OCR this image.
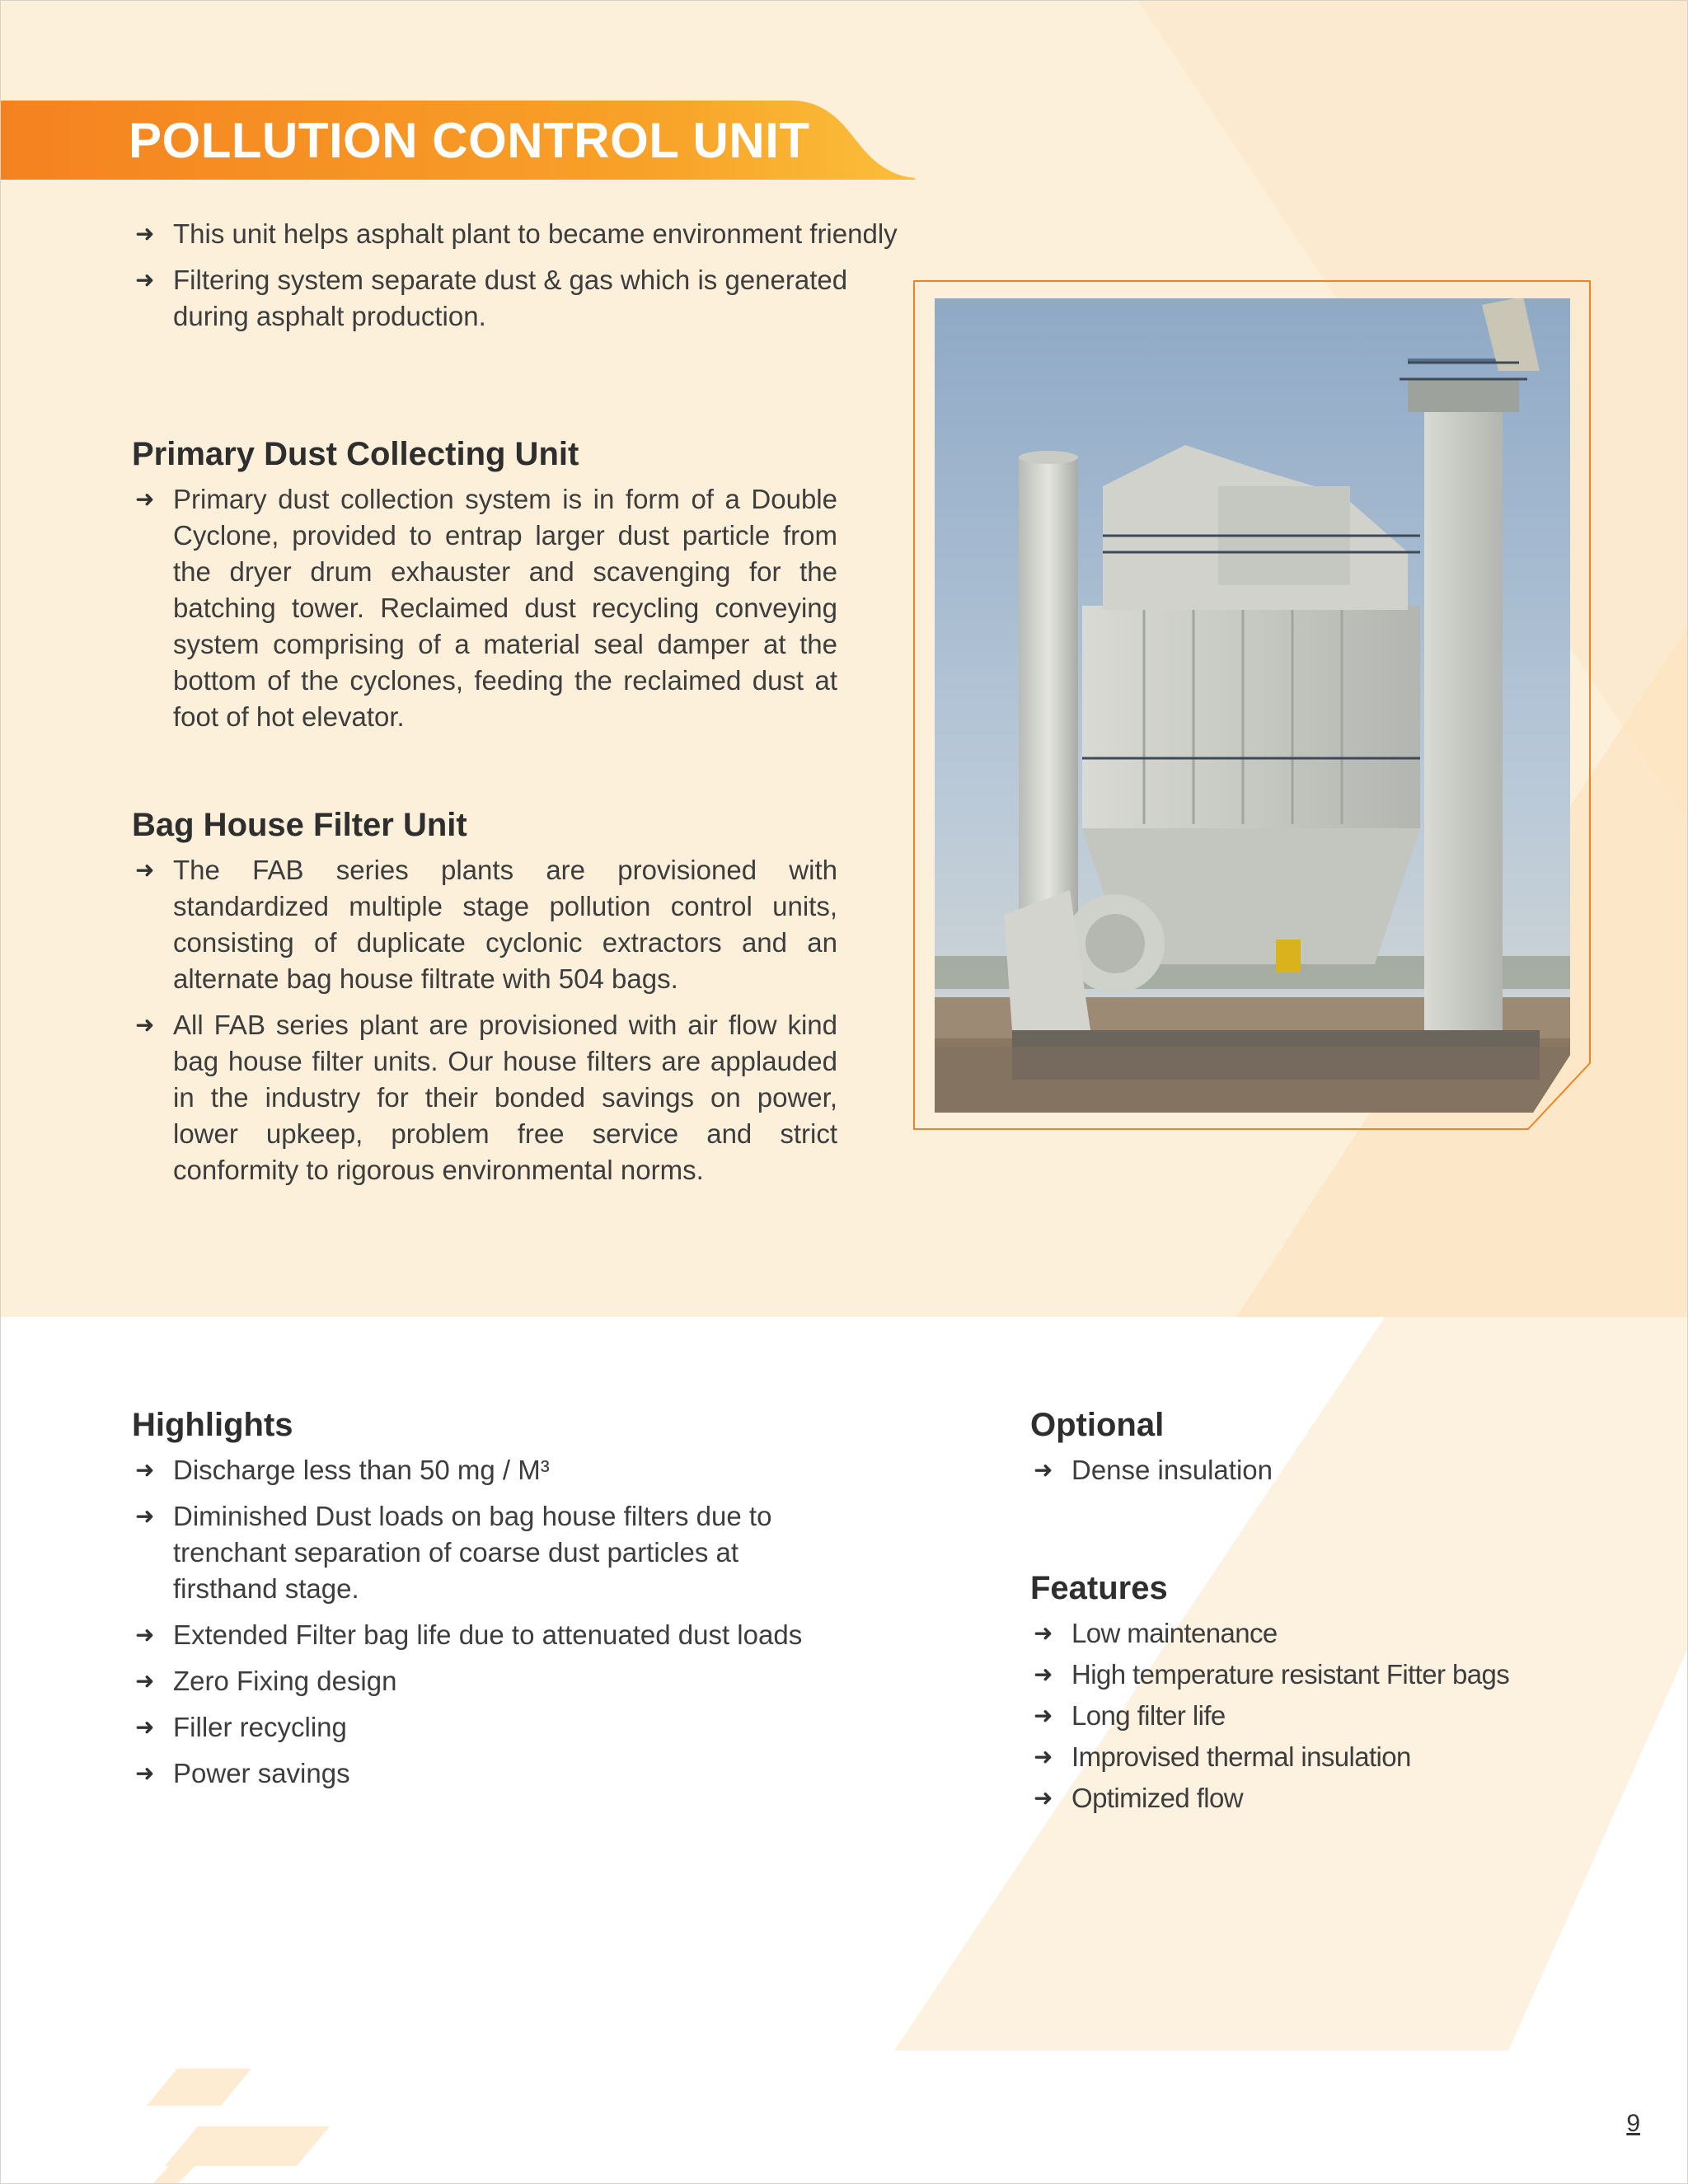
POLLUTION CONTROL UNIT
➜ This unit helps asphalt plant to became environment friendly
➜ Filtering system separate dust & gas which is generated during asphalt production.
Primary Dust Collecting Unit
➜ Primary dust collection system is in form of a Double Cyclone, provided to entrap larger dust particle from the dryer drum exhauster and scavenging for the batching tower. Reclaimed dust recycling conveying system comprising of a material seal damper at the bottom of the cyclones, feeding the reclaimed dust at foot of hot elevator.
Bag House Filter Unit
➜ The FAB series plants are provisioned with standardized multiple stage pollution control units, consisting of duplicate cyclonic extractors and an alternate bag house filtrate with 504 bags.
➜ All FAB series plant are provisioned with air flow kind bag house filter units. Our house filters are applauded in the industry for their bonded savings on power, lower upkeep, problem free service and strict conformity to rigorous environmental norms.
Highlights
➜ Discharge less than 50 mg / M³
➜ Diminished Dust loads on bag house filters due to trenchant separation of coarse dust particles at firsthand stage.
➜ Extended Filter bag life due to attenuated dust loads
➜ Zero Fixing design
➜ Filler recycling
➜ Power savings
Optional
➜ Dense insulation
Features
➜ Low maintenance
➜ High temperature resistant Fitter bags
➜ Long filter life
➜ Improvised thermal insulation
➜ Optimized flow
9
